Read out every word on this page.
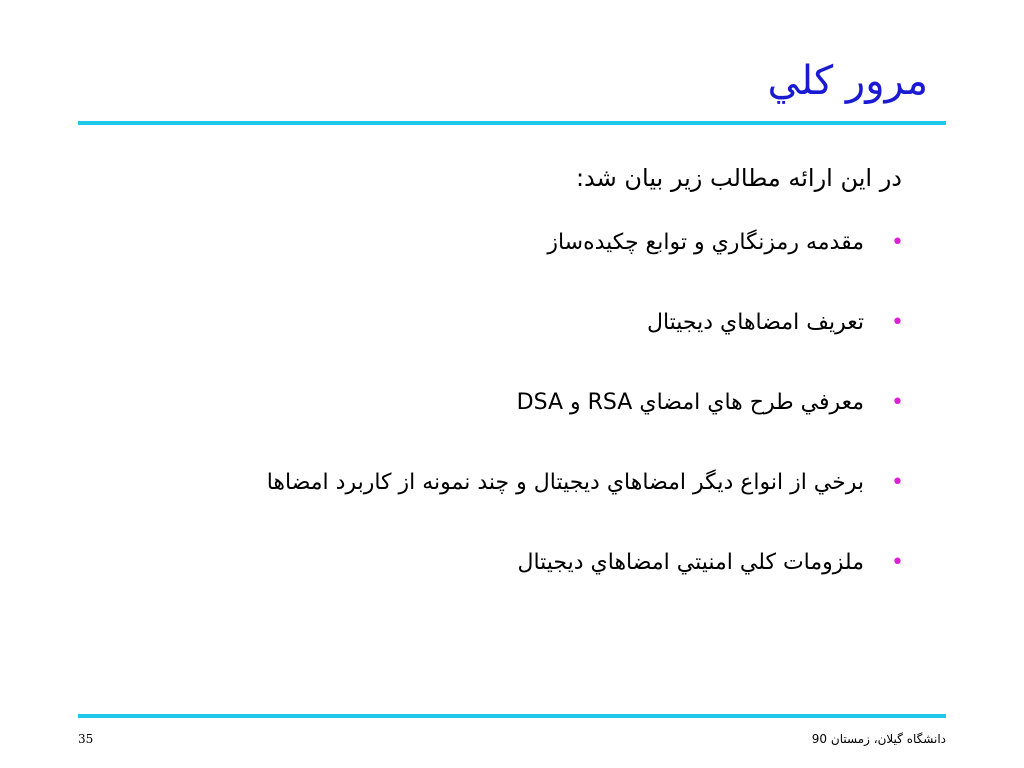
مرور كلي
در اين ارائه مطالب زير بيان شد:
•
مقدمه رمزنگاري و توابع چكيده‌ساز
•
تعريف امضاهاي ديجيتال
•
معرفي طرح هاي امضاي RSA و DSA
•
برخي از انواع ديگر امضاهاي ديجيتال و چند نمونه از كاربرد امضاها
•
ملزومات كلي امنيتي امضاهاي ديجيتال
دانشگاه گيلان، زمستان 90
35
